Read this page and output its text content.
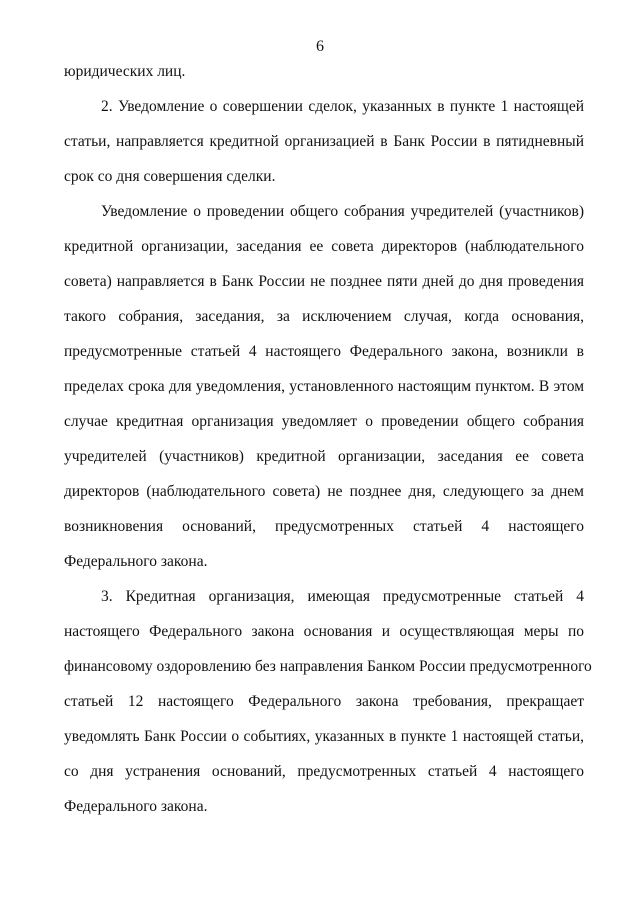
6
юридических лиц.
2. Уведомление о совершении сделок, указанных в пункте 1 настоящей
статьи, направляется кредитной организацией в Банк России в пятидневный
срок со дня совершения сделки.
Уведомление о проведении общего собрания учредителей (участников)
кредитной организации, заседания ее совета директоров (наблюдательного
совета) направляется в Банк России не позднее пяти дней до дня проведения
такого собрания, заседания, за исключением случая, когда основания,
предусмотренные статьей 4 настоящего Федерального закона, возникли в
пределах срока для уведомления, установленного настоящим пунктом. В этом
случае кредитная организация уведомляет о проведении общего собрания
учредителей (участников) кредитной организации, заседания ее совета
директоров (наблюдательного совета) не позднее дня, следующего за днем
возникновения оснований, предусмотренных статьей 4 настоящего
Федерального закона.
3. Кредитная организация, имеющая предусмотренные статьей 4
настоящего Федерального закона основания и осуществляющая меры по
финансовому оздоровлению без направления Банком России предусмотренного
статьей 12 настоящего Федерального закона требования, прекращает
уведомлять Банк России о событиях, указанных в пункте 1 настоящей статьи,
со дня устранения оснований, предусмотренных статьей 4 настоящего
Федерального закона.
